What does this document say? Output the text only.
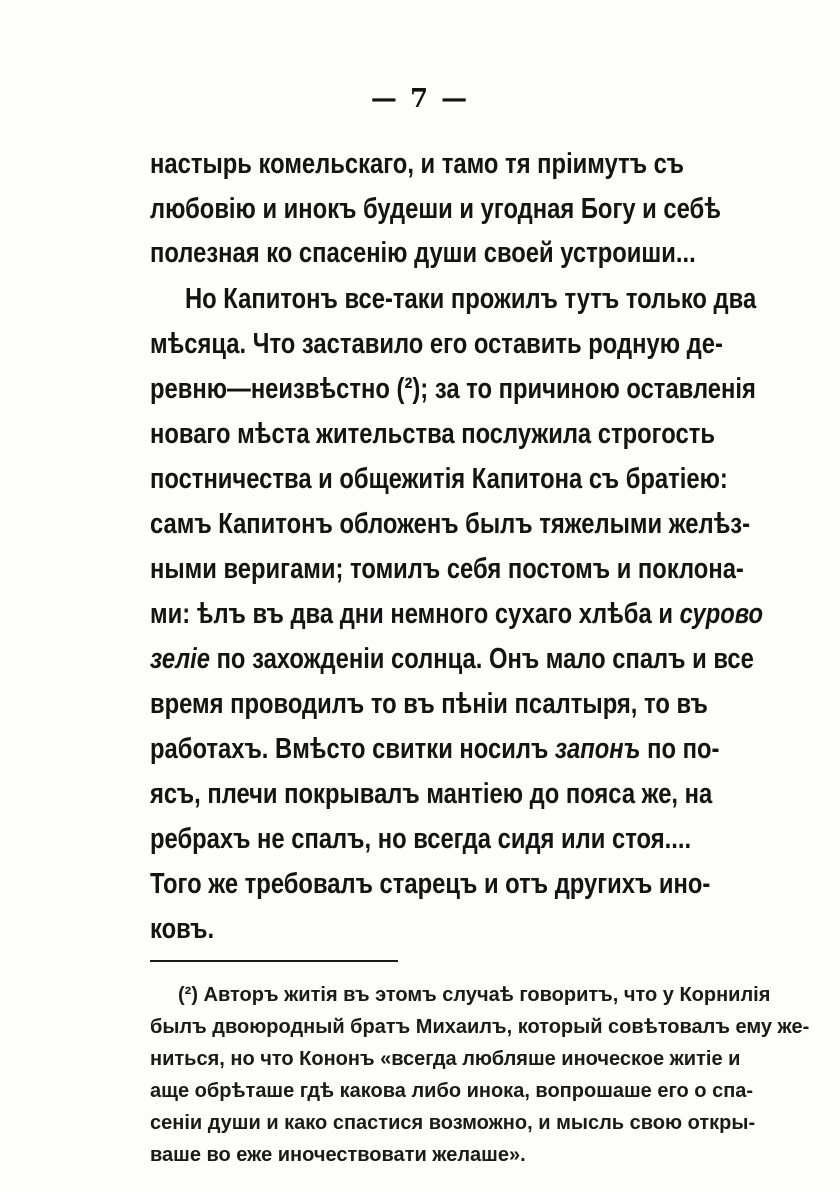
— 7 —
настырь комельскаго, и тамо тя пріимутъ съ
любовію и инокъ будеши и угодная Богу и себѣ
полезная ко спасенію души своей устроиши...
Но Капитонъ все-таки прожилъ тутъ только два
мѣсяца. Что заставило его оставить родную де-
ревню—неизвѣстно (²); за то причиною оставленія
новаго мѣста жительства послужила строгость
постничества и общежитія Капитона съ братіею:
самъ Капитонъ обложенъ былъ тяжелыми желѣз-
ными веригами; томилъ себя постомъ и поклона-
ми: ѣлъ въ два дни немного сухаго хлѣба и сурово
зеліе по захожденіи солнца. Онъ мало спалъ и все
время проводилъ то въ пѣніи псалтыря, то въ
работахъ. Вмѣсто свитки носилъ запонъ по по-
ясъ, плечи покрывалъ мантіею до пояса же, на
ребрахъ не спалъ, но всегда сидя или стоя....
Того же требовалъ старецъ и отъ другихъ ино-
ковъ.
(²) Авторъ житія въ этомъ случаѣ говоритъ, что у Корнилія
былъ двоюродный братъ Михаилъ, который совѣтовалъ ему же-
ниться, но что Кононъ «всегда любляше иноческое житіе и
аще обрѣташе гдѣ какова либо инока, вопрошаше его о спа-
сеніи души и како спастися возможно, и мысль свою откры-
ваше во еже иночествовати желаше».
